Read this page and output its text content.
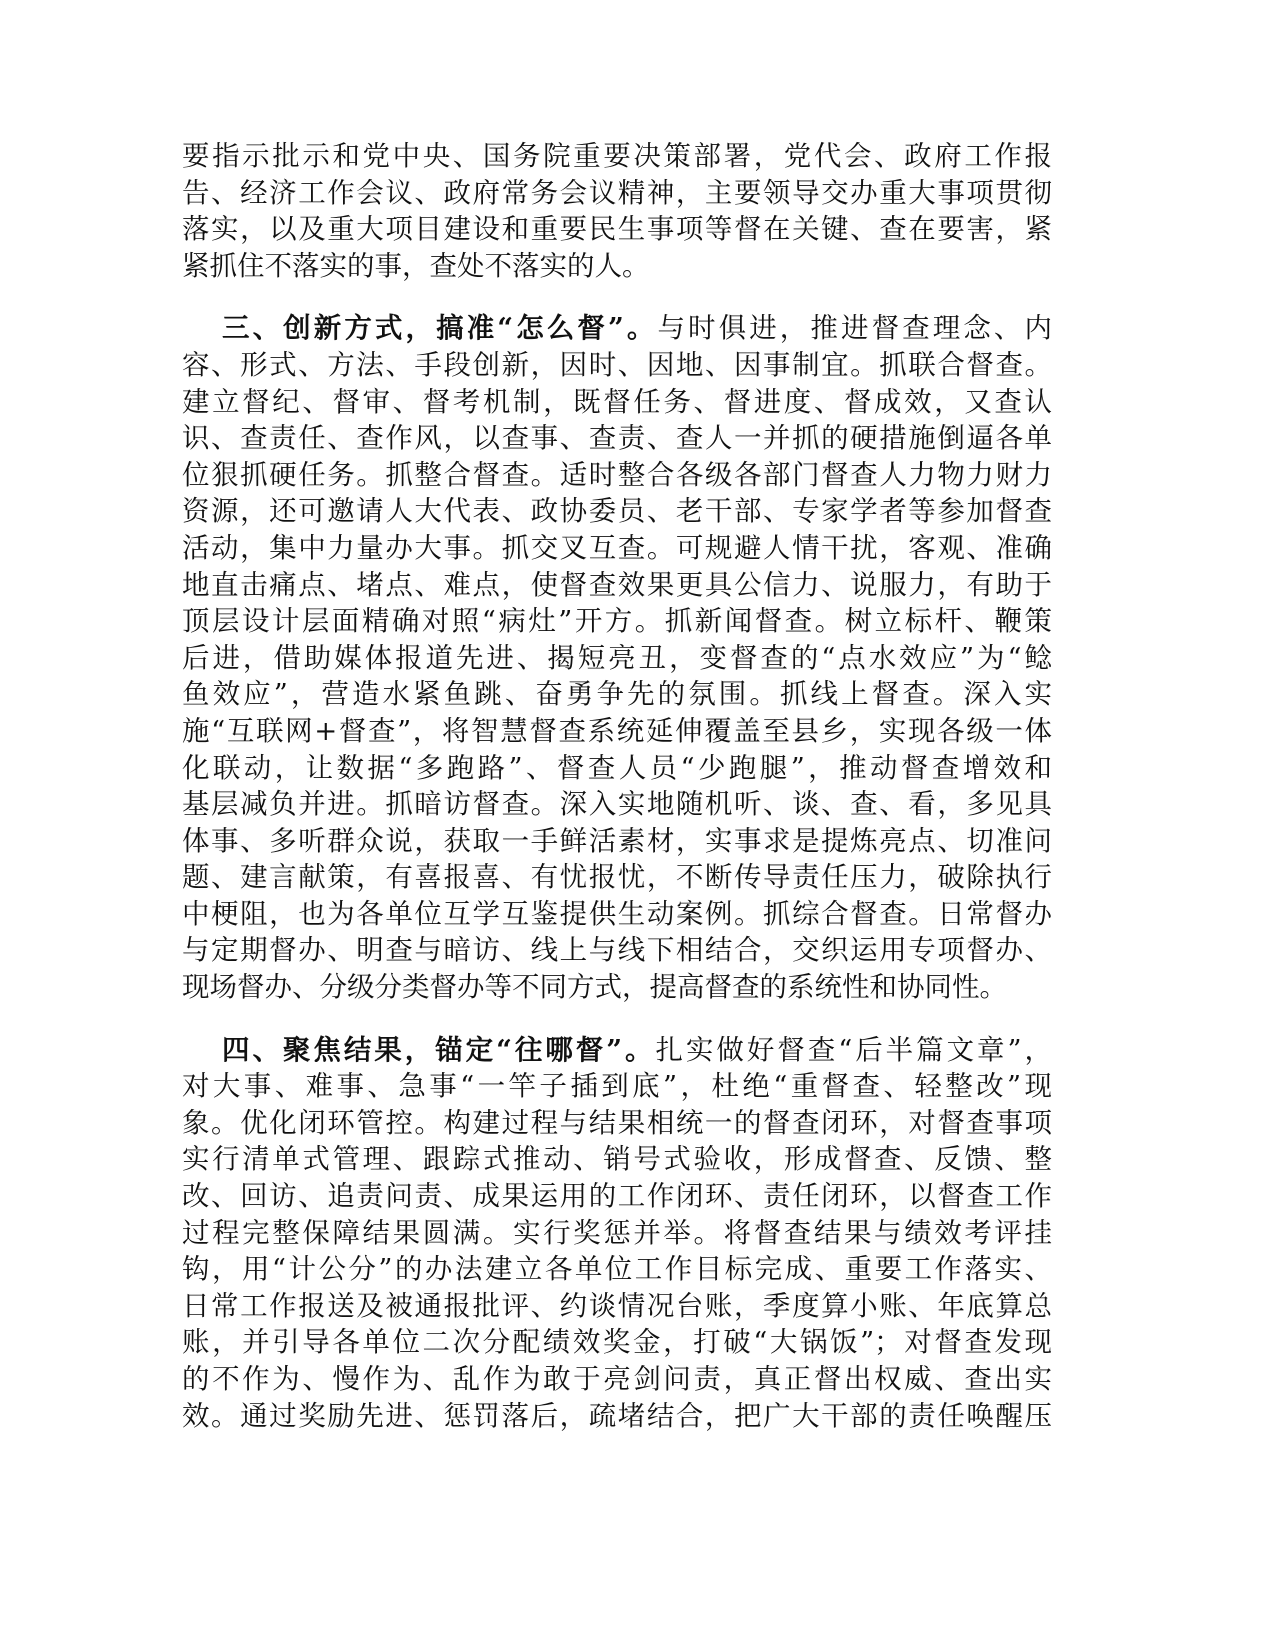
要指示批示和党中央、国务院重要决策部署，党代会、政府工作报
告、经济工作会议、政府常务会议精神，主要领导交办重大事项贯彻
落实，以及重大项目建设和重要民生事项等督在关键、查在要害，紧
紧抓住不落实的事，查处不落实的人。
三、创新方式，搞准“怎么督”。与时俱进，推进督查理念、内
容、形式、方法、手段创新，因时、因地、因事制宜。抓联合督查。
建立督纪、督审、督考机制，既督任务、督进度、督成效，又查认
识、查责任、查作风，以查事、查责、查人一并抓的硬措施倒逼各单
位狠抓硬任务。抓整合督查。适时整合各级各部门督查人力物力财力
资源，还可邀请人大代表、政协委员、老干部、专家学者等参加督查
活动，集中力量办大事。抓交叉互查。可规避人情干扰，客观、准确
地直击痛点、堵点、难点，使督查效果更具公信力、说服力，有助于
顶层设计层面精确对照“病灶”开方。抓新闻督查。树立标杆、鞭策
后进，借助媒体报道先进、揭短亮丑，变督查的“点水效应”为“鲶
鱼效应”，营造水紧鱼跳、奋勇争先的氛围。抓线上督查。深入实
施“互联网+督查”，将智慧督查系统延伸覆盖至县乡，实现各级一体
化联动，让数据“多跑路”、督查人员“少跑腿”，推动督查增效和
基层减负并进。抓暗访督查。深入实地随机听、谈、查、看，多见具
体事、多听群众说，获取一手鲜活素材，实事求是提炼亮点、切准问
题、建言献策，有喜报喜、有忧报忧，不断传导责任压力，破除执行
中梗阻，也为各单位互学互鉴提供生动案例。抓综合督查。日常督办
与定期督办、明查与暗访、线上与线下相结合，交织运用专项督办、
现场督办、分级分类督办等不同方式，提高督查的系统性和协同性。
四、聚焦结果，锚定“往哪督”。扎实做好督查“后半篇文章”，
对大事、难事、急事“一竿子插到底”，杜绝“重督查、轻整改”现
象。优化闭环管控。构建过程与结果相统一的督查闭环，对督查事项
实行清单式管理、跟踪式推动、销号式验收，形成督查、反馈、整
改、回访、追责问责、成果运用的工作闭环、责任闭环，以督查工作
过程完整保障结果圆满。实行奖惩并举。将督查结果与绩效考评挂
钩，用“计公分”的办法建立各单位工作目标完成、重要工作落实、
日常工作报送及被通报批评、约谈情况台账，季度算小账、年底算总
账，并引导各单位二次分配绩效奖金，打破“大锅饭”；对督查发现
的不作为、慢作为、乱作为敢于亮剑问责，真正督出权威、查出实
效。通过奖励先进、惩罚落后，疏堵结合，把广大干部的责任唤醒压
